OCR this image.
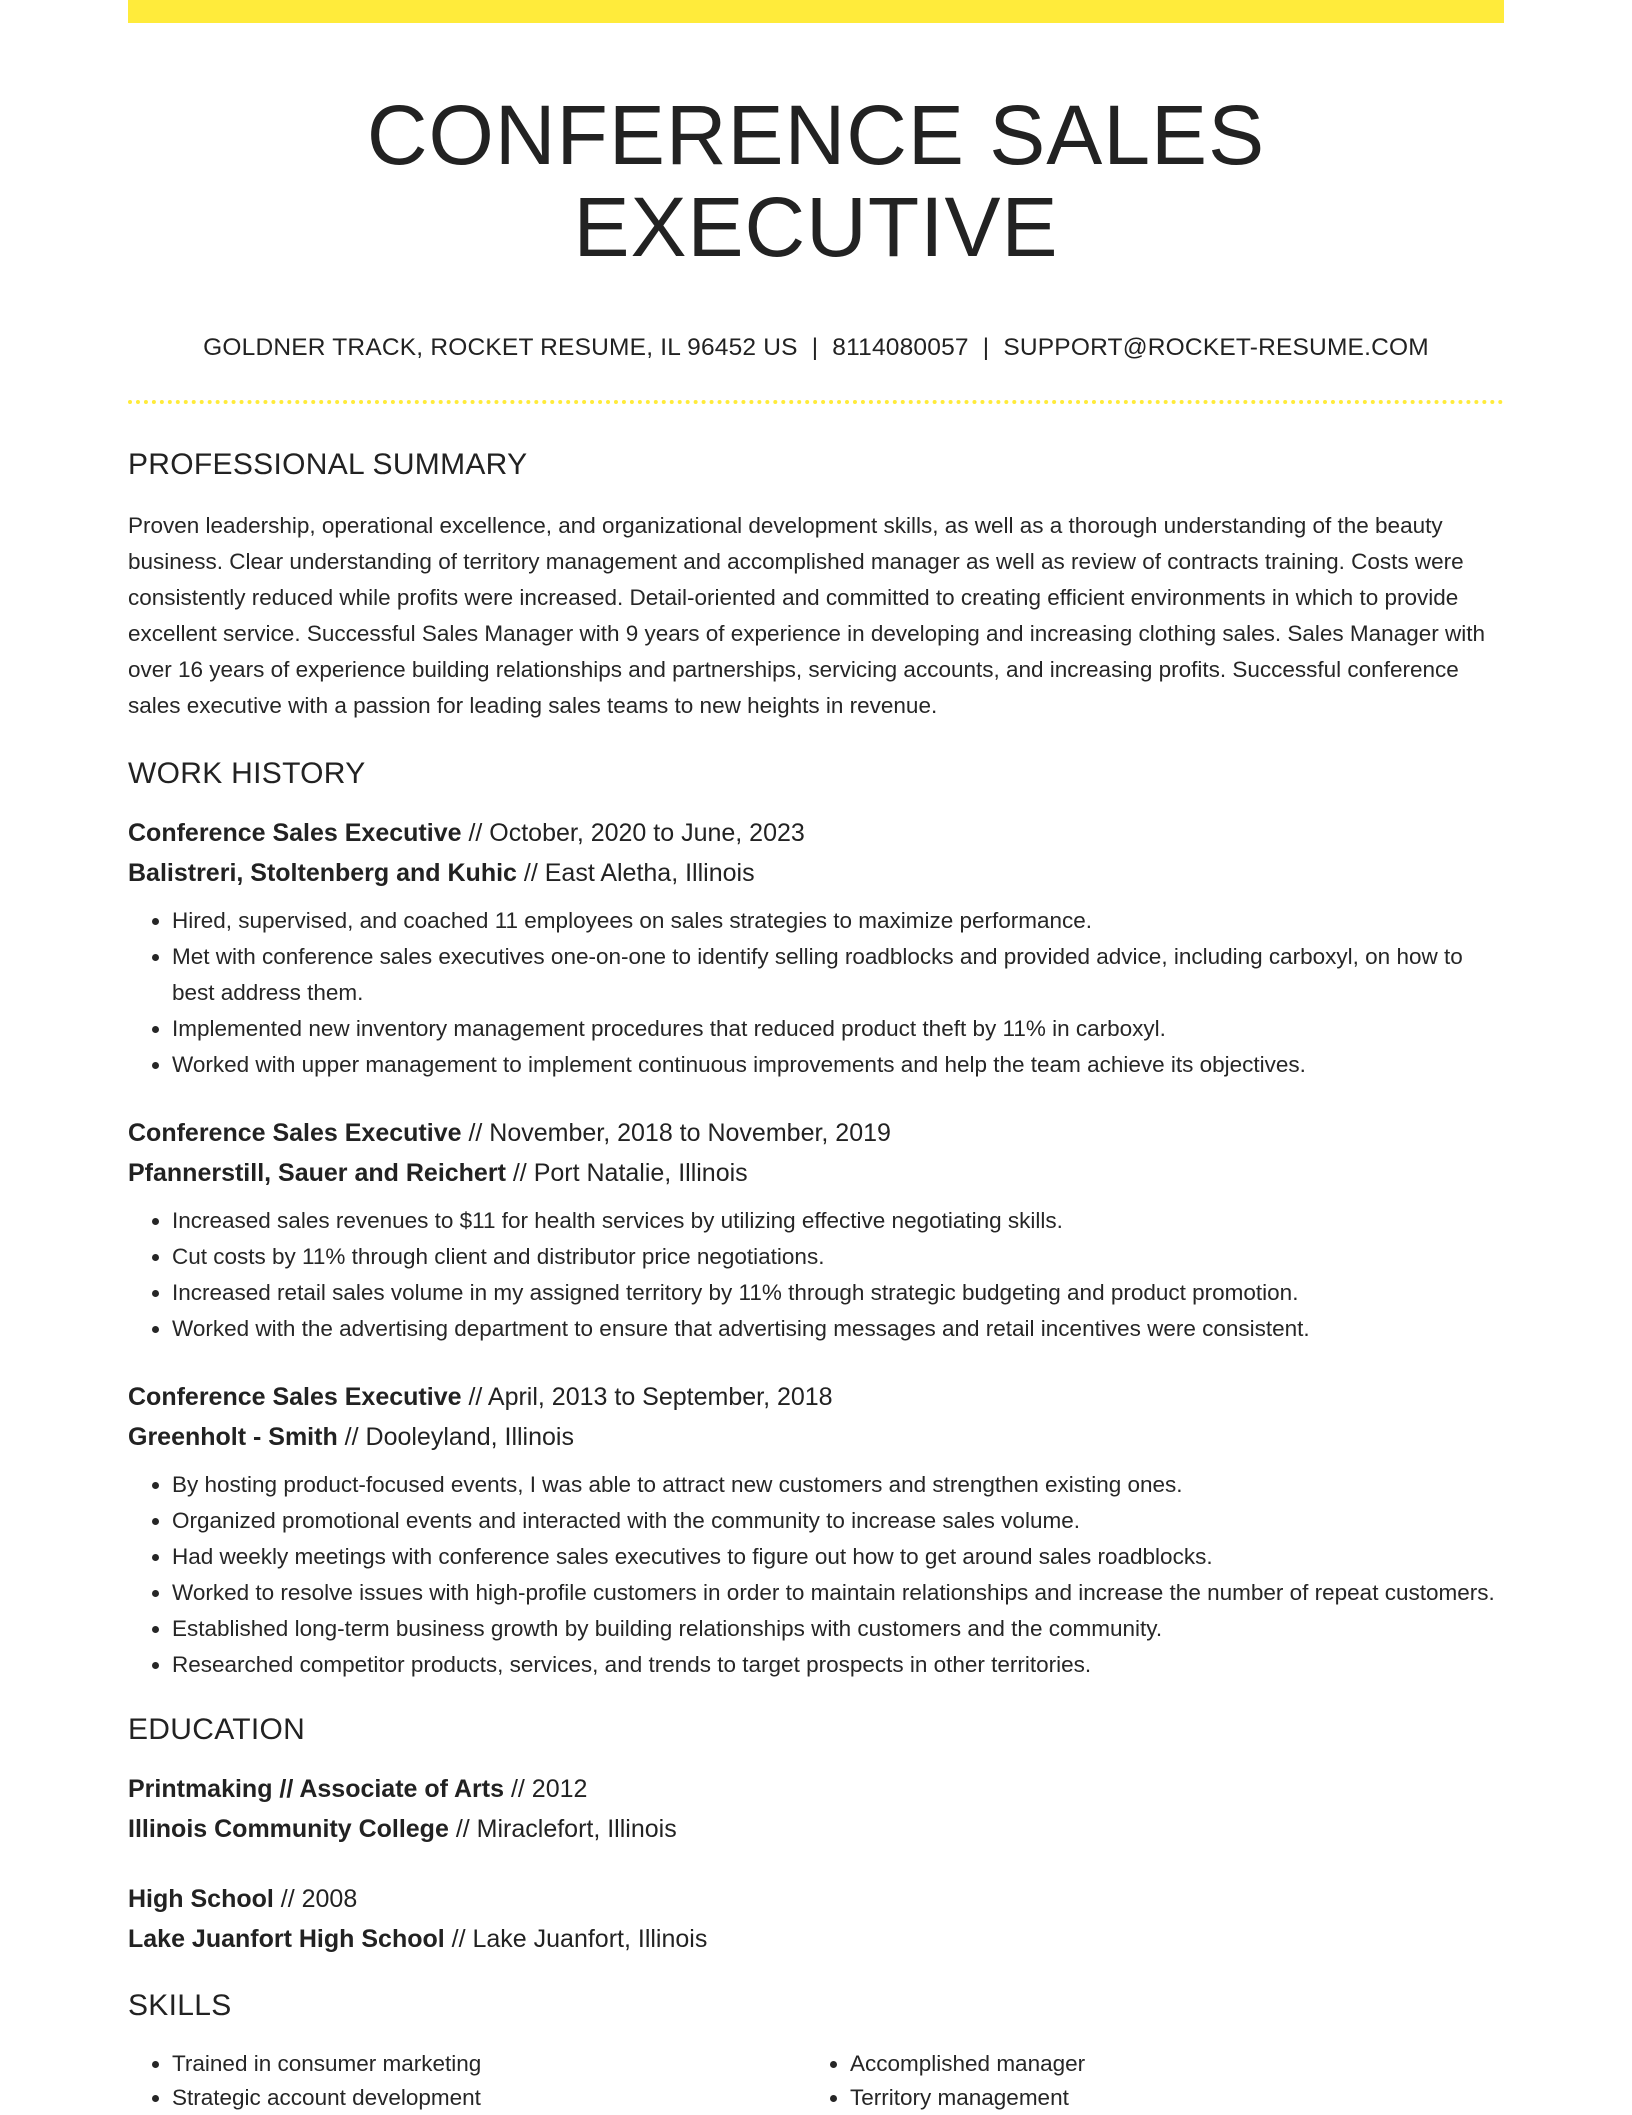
CONFERENCE SALES EXECUTIVE
GOLDNER TRACK, ROCKET RESUME, IL 96452 US | 8114080057 | SUPPORT@ROCKET-RESUME.COM
PROFESSIONAL SUMMARY

Proven leadership, operational excellence, and organizational development skills, as well as a thorough understanding of the beauty business. Clear understanding of territory management and accomplished manager as well as review of contracts training. Costs were consistently reduced while profits were increased. Detail-oriented and committed to creating efficient environments in which to provide excellent service. Successful Sales Manager with 9 years of experience in developing and increasing clothing sales. Sales Manager with over 16 years of experience building relationships and partnerships, servicing accounts, and increasing profits. Successful conference sales executive with a passion for leading sales teams to new heights in revenue.

WORK HISTORY
Conference Sales Executive // October, 2020 to June, 2023
Balistreri, Stoltenberg and Kuhic // East Aletha, Illinois
• Hired, supervised, and coached 11 employees on sales strategies to maximize performance.
• Met with conference sales executives one-on-one to identify selling roadblocks and provided advice, including carboxyl, on how to best address them.
• Implemented new inventory management procedures that reduced product theft by 11% in carboxyl.
• Worked with upper management to implement continuous improvements and help the team achieve its objectives.
Conference Sales Executive // November, 2018 to November, 2019
Pfannerstill, Sauer and Reichert // Port Natalie, Illinois
• Increased sales revenues to $11 for health services by utilizing effective negotiating skills.
• Cut costs by 11% through client and distributor price negotiations.
• Increased retail sales volume in my assigned territory by 11% through strategic budgeting and product promotion.
• Worked with the advertising department to ensure that advertising messages and retail incentives were consistent.
Conference Sales Executive // April, 2013 to September, 2018
Greenholt - Smith // Dooleyland, Illinois
• By hosting product-focused events, I was able to attract new customers and strengthen existing ones.
• Organized promotional events and interacted with the community to increase sales volume.
• Had weekly meetings with conference sales executives to figure out how to get around sales roadblocks.
• Worked to resolve issues with high-profile customers in order to maintain relationships and increase the number of repeat customers.
• Established long-term business growth by building relationships with customers and the community.
• Researched competitor products, services, and trends to target prospects in other territories.
EDUCATION
Printmaking // Associate of Arts // 2012
Illinois Community College // Miraclefort, Illinois
High School // 2008
Lake Juanfort High School // Lake Juanfort, Illinois
SKILLS
• Trained in consumer marketing
• Strategic account development
• Accomplished manager
• Territory management
